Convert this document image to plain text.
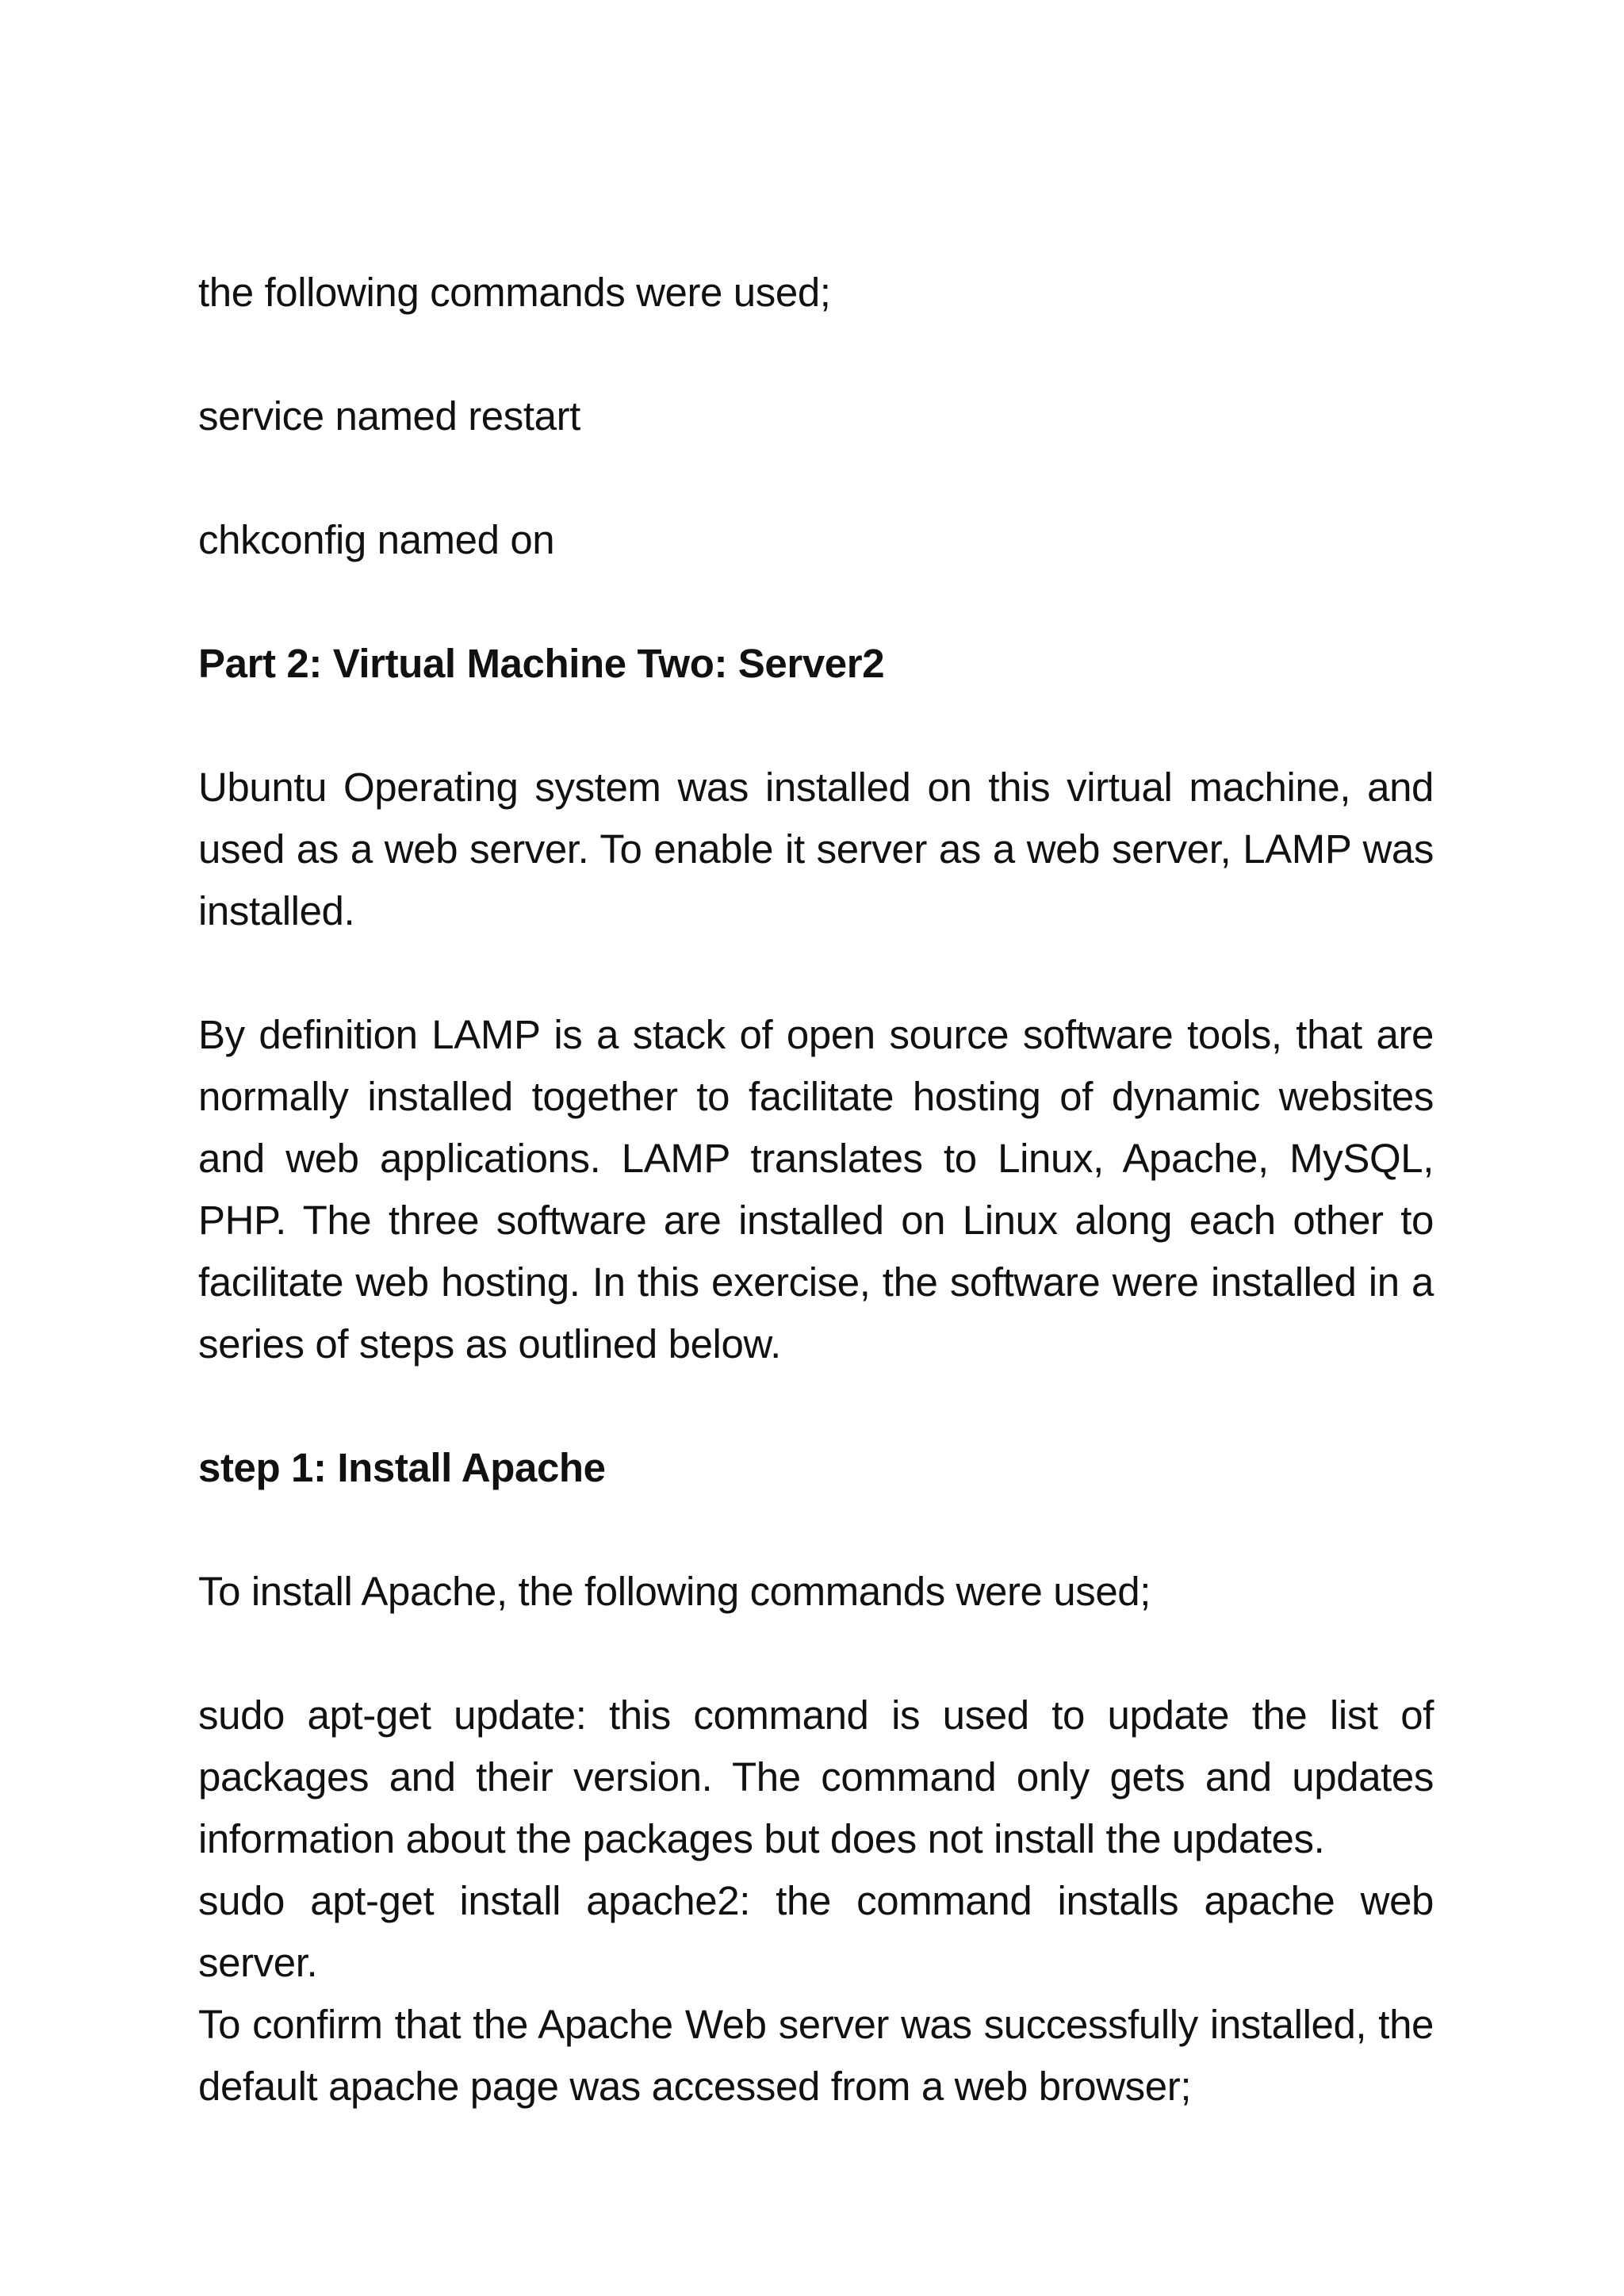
the following commands were used;

service named restart

chkconfig named on

Part 2: Virtual Machine Two: Server2

Ubuntu Operating system was installed on this virtual machine, and used as a web server. To enable it server as a web server, LAMP was installed.

By definition LAMP is a stack of open source software tools, that are normally installed together to facilitate hosting of dynamic websites and web applications. LAMP translates to Linux, Apache, MySQL, PHP. The three software are installed on Linux along each other to facilitate web hosting. In this exercise, the software were installed in a series of steps as outlined below.

step 1: Install Apache

To install Apache, the following commands were used;

sudo apt-get update: this command is used to update the list of packages and their version. The command only gets and updates information about the packages but does not install the updates.

sudo apt-get install apache2: the command installs apache web server.

To confirm that the Apache Web server was successfully installed, the default apache page was accessed from a web browser;
